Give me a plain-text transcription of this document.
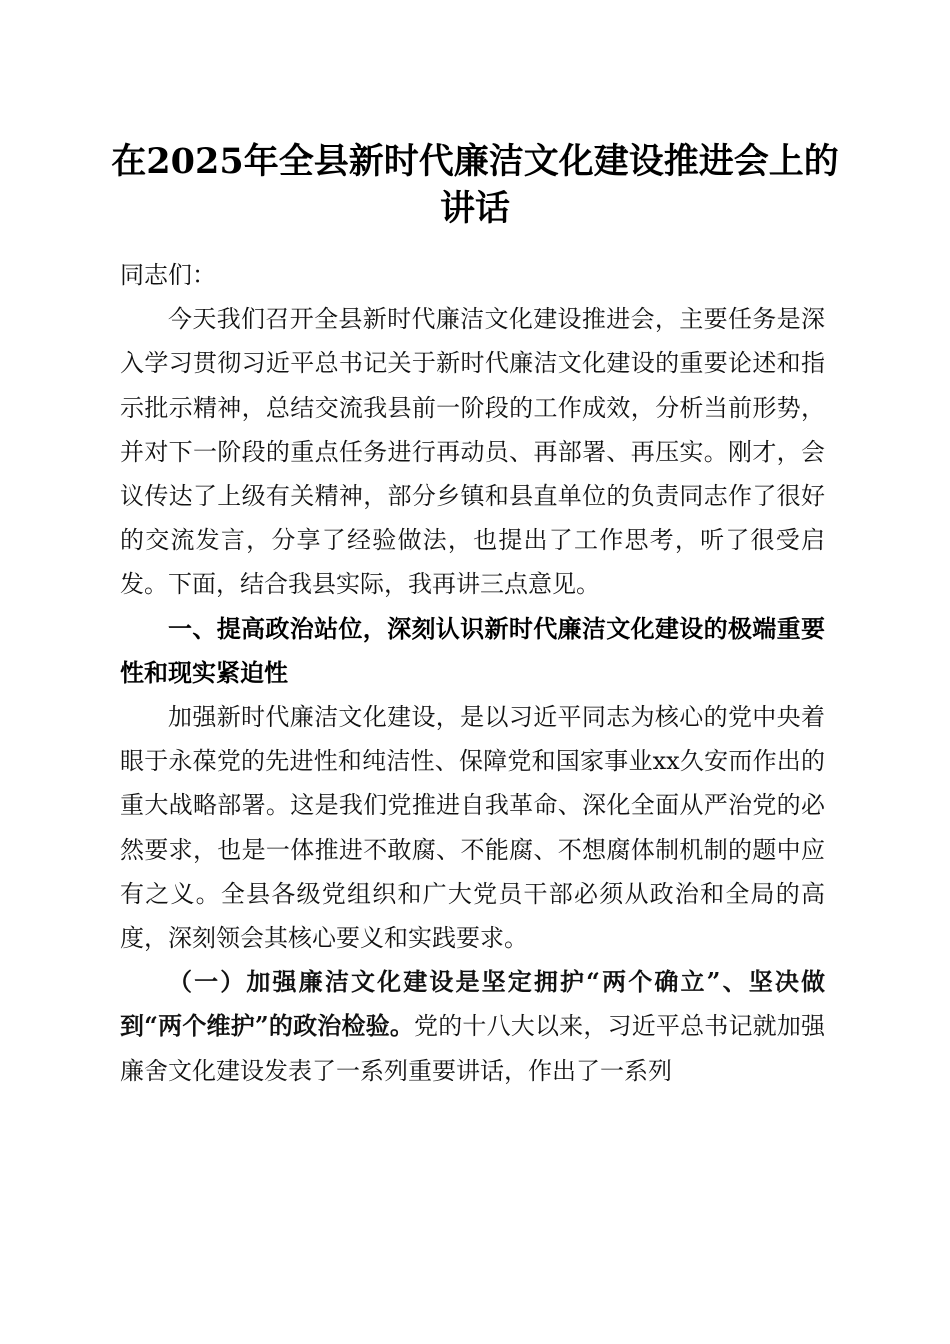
在2025年全县新时代廉洁文化建设推进会上的讲话

同志们：

今天我们召开全县新时代廉洁文化建设推进会，主要任务是深入学习贯彻习近平总书记关于新时代廉洁文化建设的重要论述和指示批示精神，总结交流我县前一阶段的工作成效，分析当前形势，并对下一阶段的重点任务进行再动员、再部署、再压实。刚才，会议传达了上级有关精神，部分乡镇和县直单位的负责同志作了很好的交流发言，分享了经验做法，也提出了工作思考，听了很受启发。下面，结合我县实际，我再讲三点意见。

一、提高政治站位，深刻认识新时代廉洁文化建设的极端重要性和现实紧迫性

加强新时代廉洁文化建设，是以习近平同志为核心的党中央着眼于永葆党的先进性和纯洁性、保障党和国家事业xx久安而作出的重大战略部署。这是我们党推进自我革命、深化全面从严治党的必然要求，也是一体推进不敢腐、不能腐、不想腐体制机制的题中应有之义。全县各级党组织和广大党员干部必须从政治和全局的高度，深刻领会其核心要义和实践要求。

（一）加强廉洁文化建设是坚定拥护“两个确立”、坚决做到“两个维护”的政治检验。党的十八大以来，习近平总书记就加强廉舍文化建设发表了一系列重要讲话，作出了一系列
